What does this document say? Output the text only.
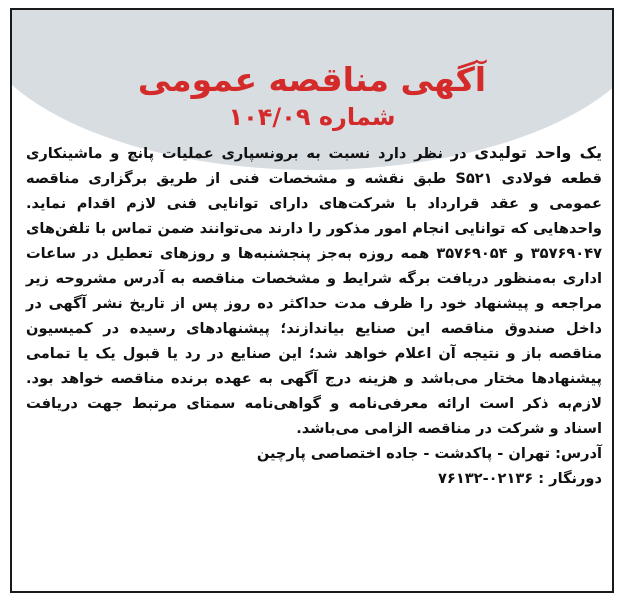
آگهی مناقصه عمومی
شماره ۱۰۴/۰۹

یک واحد تولیدی در نظر دارد نسبت به برونسپاری عملیات پانچ و ماشینکاری قطعه فولادی S۵۲۱ طبق نقشه و مشخصات فنی از طریق برگزاری مناقصه عمومی و عقد قرارداد با شرکت‌های دارای توانایی فنی لازم اقدام نماید. واحدهایی که توانایی انجام امور مذکور را دارند می‌توانند ضمن تماس با تلفن‌های ۳۵۷۶۹۰۴۷ و ۳۵۷۶۹۰۵۴ همه روزه به‌جز پنجشنبه‌ها و روزهای تعطیل در ساعات اداری به‌منظور دریافت برگه شرایط و مشخصات مناقصه به آدرس مشروحه زیر مراجعه و پیشنهاد خود را ظرف مدت حداکثر ده روز پس از تاریخ نشر آگهی در داخل صندوق مناقصه این صنایع بیاندازند؛ پیشنهادهای رسیده در کمیسیون مناقصه باز و نتیجه آن اعلام خواهد شد؛ این صنایع در رد یا قبول یک یا تمامی پیشنهادها مختار می‌باشد و هزینه درج آگهی به عهده برنده مناقصه خواهد بود. لازم‌به ذکر است ارائه معرفی‌نامه و گواهی‌نامه سمتای مرتبط جهت دریافت اسناد و شرکت در مناقصه الزامی می‌باشد.

آدرس: تهران - پاکدشت - جاده اختصاصی پارچین

دورنگار : ۰۲۱۳۶-۷۶۱۳۲
